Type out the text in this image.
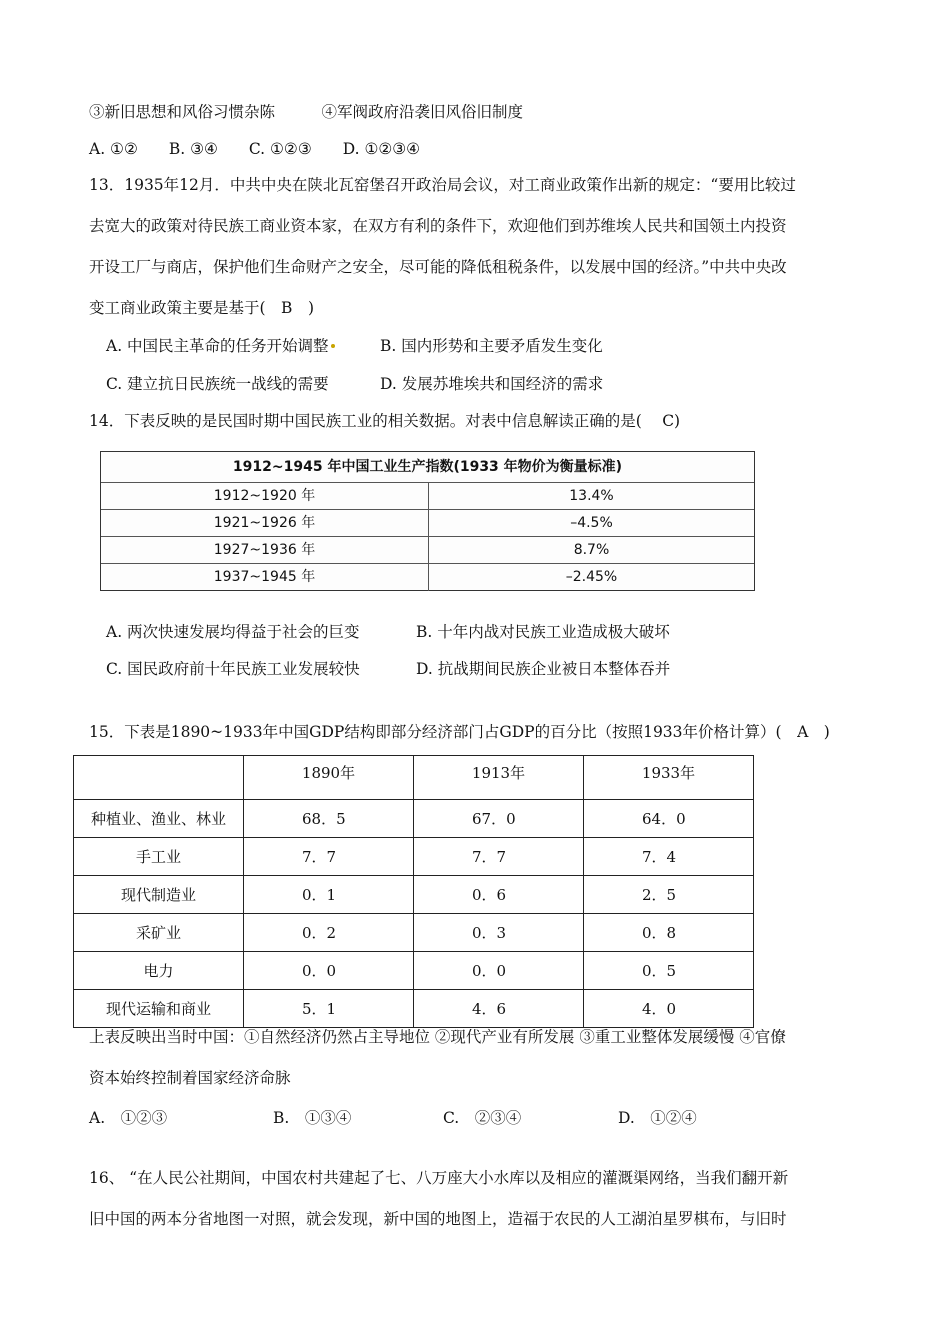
③新旧思想和风俗习惯杂陈　　　④军阀政府沿袭旧风俗旧制度
A. ①②　　B. ③④　　C. ①②③　　D. ①②③④
13．1935年12月．中共中央在陕北瓦窑堡召开政治局会议，对工商业政策作出新的规定：“要用比较过
去宽大的政策对待民族工商业资本家，在双方有利的条件下，欢迎他们到苏维埃人民共和国领土内投资
开设工厂与商店，保护他们生命财产之安全，尽可能的降低租税条件，以发展中国的经济。”中共中央改
变工商业政策主要是基于(　B　)
A. 中国民主革命的任务开始调整	B. 国内形势和主要矛盾发生变化
C. 建立抗日民族统一战线的需要	D. 发展苏堆埃共和国经济的需求
14．下表反映的是民国时期中国民族工业的相关数据。对表中信息解读正确的是(　 C)
1912~1945 年中国工业生产指数(1933 年物价为衡量标准)
1912~1920 年	13.4%
1921~1926 年	–4.5%
1927~1936 年	8.7%
1937~1945 年	–2.45%
A. 两次快速发展均得益于社会的巨变	B. 十年内战对民族工业造成极大破坏
C. 国民政府前十年民族工业发展较快	D. 抗战期间民族企业被日本整体吞并
15．下表是1890~1933年中国GDP结构即部分经济部门占GDP的百分比（按照1933年价格计算）(　A　)
	1890年	1913年	1933年
种植业、渔业、林业	68．5	67．0	64．0
手工业	7．7	7．7	7．4
现代制造业	0．1	0．6	2．5
采矿业	0．2	0．3	0．8
电力	0．0	0．0	0．5
现代运输和商业	5．1	4．6	4．0
上表反映出当时中国：①自然经济仍然占主导地位 ②现代产业有所发展 ③重工业整体发展缓慢 ④官僚
资本始终控制着国家经济命脉
A.　①②③	B.　①③④	C.　②③④	D.　①②④
16、 “在人民公社期间，中国农村共建起了七、八万座大小水库以及相应的灌溉渠网络，当我们翻开新
旧中国的两本分省地图一对照，就会发现，新中国的地图上，造福于农民的人工湖泊星罗棋布，与旧时
